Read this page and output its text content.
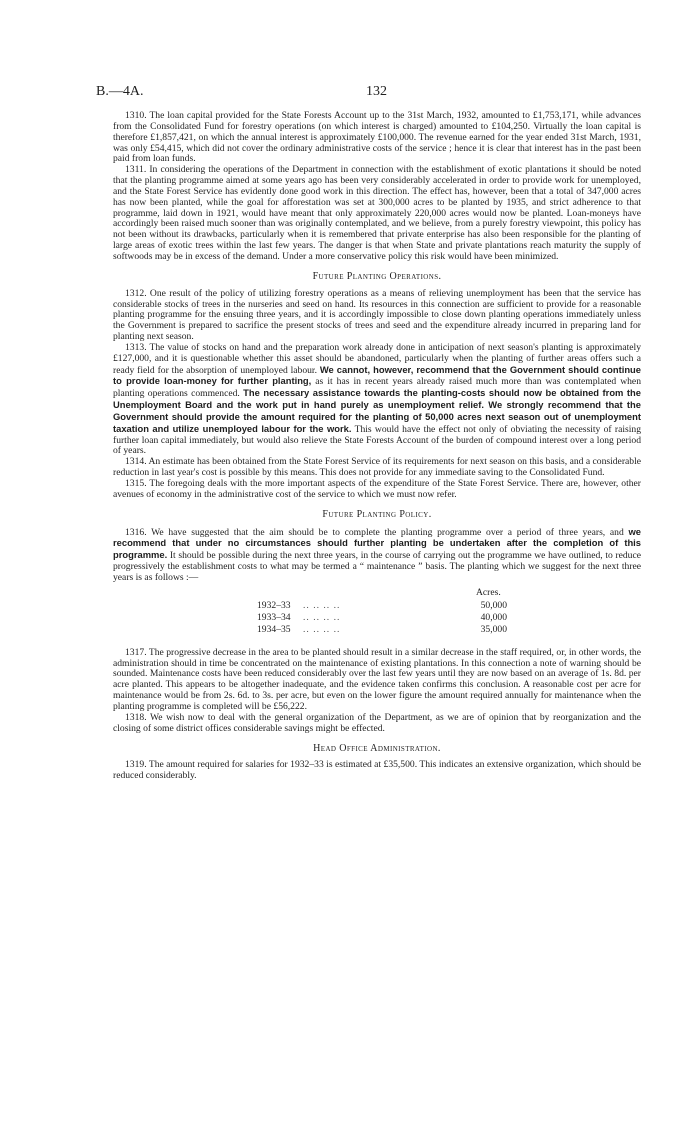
B.—4A.	132

1310. The loan capital provided for the State Forests Account up to the 31st March, 1932, amounted to £1,753,171, while advances from the Consolidated Fund for forestry operations (on which interest is charged) amounted to £104,250. Virtually the loan capital is therefore £1,857,421, on which the annual interest is approximately £100,000. The revenue earned for the year ended 31st March, 1931, was only £54,415, which did not cover the ordinary administrative costs of the service ; hence it is clear that interest has in the past been paid from loan funds.

1311. In considering the operations of the Department in connection with the establishment of exotic plantations it should be noted that the planting programme aimed at some years ago has been very considerably accelerated in order to provide work for unemployed, and the State Forest Service has evidently done good work in this direction. The effect has, however, been that a total of 347,000 acres has now been planted, while the goal for afforestation was set at 300,000 acres to be planted by 1935, and strict adherence to that programme, laid down in 1921, would have meant that only approximately 220,000 acres would now be planted. Loan-moneys have accordingly been raised much sooner than was originally contemplated, and we believe, from a purely forestry viewpoint, this policy has not been without its drawbacks, particularly when it is remembered that private enterprise has also been responsible for the planting of large areas of exotic trees within the last few years. The danger is that when State and private plantations reach maturity the supply of softwoods may be in excess of the demand. Under a more conservative policy this risk would have been minimized.

Future Planting Operations.

1312. One result of the policy of utilizing forestry operations as a means of relieving unemployment has been that the service has considerable stocks of trees in the nurseries and seed on hand. Its resources in this connection are sufficient to provide for a reasonable planting programme for the ensuing three years, and it is accordingly impossible to close down planting operations immediately unless the Government is prepared to sacrifice the present stocks of trees and seed and the expenditure already incurred in preparing land for planting next season.

1313. The value of stocks on hand and the preparation work already done in anticipation of next season's planting is approximately £127,000, and it is questionable whether this asset should be abandoned, particularly when the planting of further areas offers such a ready field for the absorption of unemployed labour. We cannot, however, recommend that the Government should continue to provide loan-money for further planting, as it has in recent years already raised much more than was contemplated when planting operations commenced. The necessary assistance towards the planting-costs should now be obtained from the Unemployment Board and the work put in hand purely as unemployment relief. We strongly recommend that the Government should provide the amount required for the planting of 50,000 acres next season out of unemployment taxation and utilize unemployed labour for the work. This would have the effect not only of obviating the necessity of raising further loan capital immediately, but would also relieve the State Forests Account of the burden of compound interest over a long period of years.

1314. An estimate has been obtained from the State Forest Service of its requirements for next season on this basis, and a considerable reduction in last year's cost is possible by this means. This does not provide for any immediate saving to the Consolidated Fund.

1315. The foregoing deals with the more important aspects of the expenditure of the State Forest Service. There are, however, other avenues of economy in the administrative cost of the service to which we must now refer.

Future Planting Policy.

1316. We have suggested that the aim should be to complete the planting programme over a period of three years, and we recommend that under no circumstances should further planting be undertaken after the completion of this programme. It should be possible during the next three years, in the course of carrying out the programme we have outlined, to reduce progressively the establishment costs to what may be termed a “ maintenance ” basis. The planting which we suggest for the next three years is as follows :—

Acres.
1932–33 .. .. .. ..	50,000
1933–34 .. .. .. ..	40,000
1934–35 .. .. .. ..	35,000

1317. The progressive decrease in the area to be planted should result in a similar decrease in the staff required, or, in other words, the administration should in time be concentrated on the maintenance of existing plantations. In this connection a note of warning should be sounded. Maintenance costs have been reduced considerably over the last few years until they are now based on an average of 1s. 8d. per acre planted. This appears to be altogether inadequate, and the evidence taken confirms this conclusion. A reasonable cost per acre for maintenance would be from 2s. 6d. to 3s. per acre, but even on the lower figure the amount required annually for maintenance when the planting programme is completed will be £56,222.

1318. We wish now to deal with the general organization of the Department, as we are of opinion that by reorganization and the closing of some district offices considerable savings might be effected.

Head Office Administration.

1319. The amount required for salaries for 1932–33 is estimated at £35,500. This indicates an extensive organization, which should be reduced considerably.
